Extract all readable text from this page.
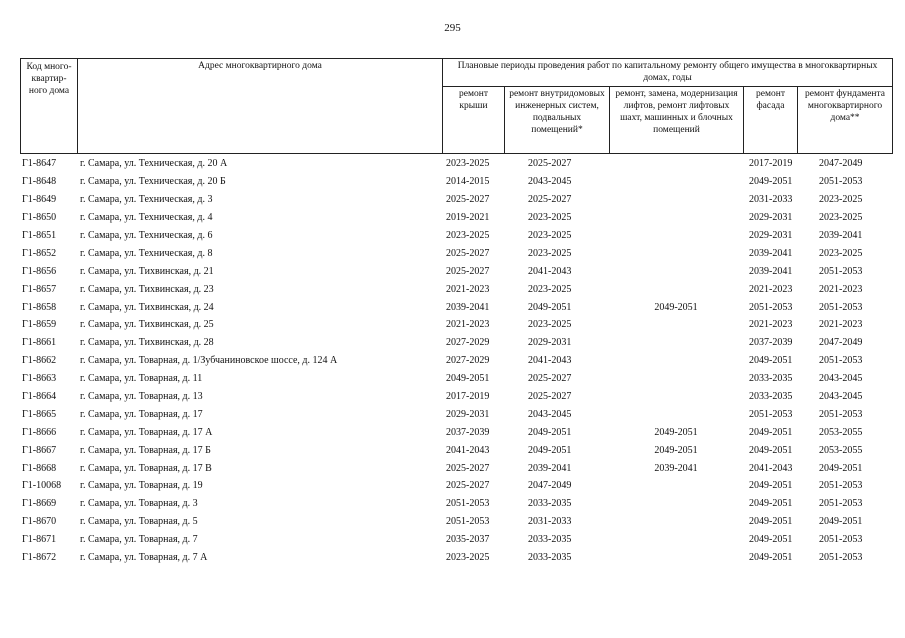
295
Код много-квартир-ного дома	Адрес многоквартирного дома	Плановые периоды проведения работ по капитальному ремонту общего имущества в многоквартирных домах, годы				
		ремонт крыши	ремонт внутридомовых инженерных систем, подвальных помещений*	ремонт, замена, модернизация лифтов, ремонт лифтовых шахт, машинных и блочных помещений	ремонт фасада	ремонт фундамента многоквартирного дома**
Г1-8647	г. Самара, ул. Техническая, д. 20 А	2023-2025	2025-2027		2017-2019	2047-2049
Г1-8648	г. Самара, ул. Техническая, д. 20 Б	2014-2015	2043-2045		2049-2051	2051-2053
Г1-8649	г. Самара, ул. Техническая, д. 3	2025-2027	2025-2027		2031-2033	2023-2025
Г1-8650	г. Самара, ул. Техническая, д. 4	2019-2021	2023-2025		2029-2031	2023-2025
Г1-8651	г. Самара, ул. Техническая, д. 6	2023-2025	2023-2025		2029-2031	2039-2041
Г1-8652	г. Самара, ул. Техническая, д. 8	2025-2027	2023-2025		2039-2041	2023-2025
Г1-8656	г. Самара, ул. Тихвинская, д. 21	2025-2027	2041-2043		2039-2041	2051-2053
Г1-8657	г. Самара, ул. Тихвинская, д. 23	2021-2023	2023-2025		2021-2023	2021-2023
Г1-8658	г. Самара, ул. Тихвинская, д. 24	2039-2041	2049-2051	2049-2051	2051-2053	2051-2053
Г1-8659	г. Самара, ул. Тихвинская, д. 25	2021-2023	2023-2025		2021-2023	2021-2023
Г1-8661	г. Самара, ул. Тихвинская, д. 28	2027-2029	2029-2031		2037-2039	2047-2049
Г1-8662	г. Самара, ул. Товарная, д. 1/Зубчаниновское шоссе, д. 124 А	2027-2029	2041-2043		2049-2051	2051-2053
Г1-8663	г. Самара, ул. Товарная, д. 11	2049-2051	2025-2027		2033-2035	2043-2045
Г1-8664	г. Самара, ул. Товарная, д. 13	2017-2019	2025-2027		2033-2035	2043-2045
Г1-8665	г. Самара, ул. Товарная, д. 17	2029-2031	2043-2045		2051-2053	2051-2053
Г1-8666	г. Самара, ул. Товарная, д. 17 А	2037-2039	2049-2051	2049-2051	2049-2051	2053-2055
Г1-8667	г. Самара, ул. Товарная, д. 17 Б	2041-2043	2049-2051	2049-2051	2049-2051	2053-2055
Г1-8668	г. Самара, ул. Товарная, д. 17 В	2025-2027	2039-2041	2039-2041	2041-2043	2049-2051
Г1-10068	г. Самара, ул. Товарная, д. 19	2025-2027	2047-2049		2049-2051	2051-2053
Г1-8669	г. Самара, ул. Товарная, д. 3	2051-2053	2033-2035		2049-2051	2051-2053
Г1-8670	г. Самара, ул. Товарная, д. 5	2051-2053	2031-2033		2049-2051	2049-2051
Г1-8671	г. Самара, ул. Товарная, д. 7	2035-2037	2033-2035		2049-2051	2051-2053
Г1-8672	г. Самара, ул. Товарная, д. 7 А	2023-2025	2033-2035		2049-2051	2051-2053
